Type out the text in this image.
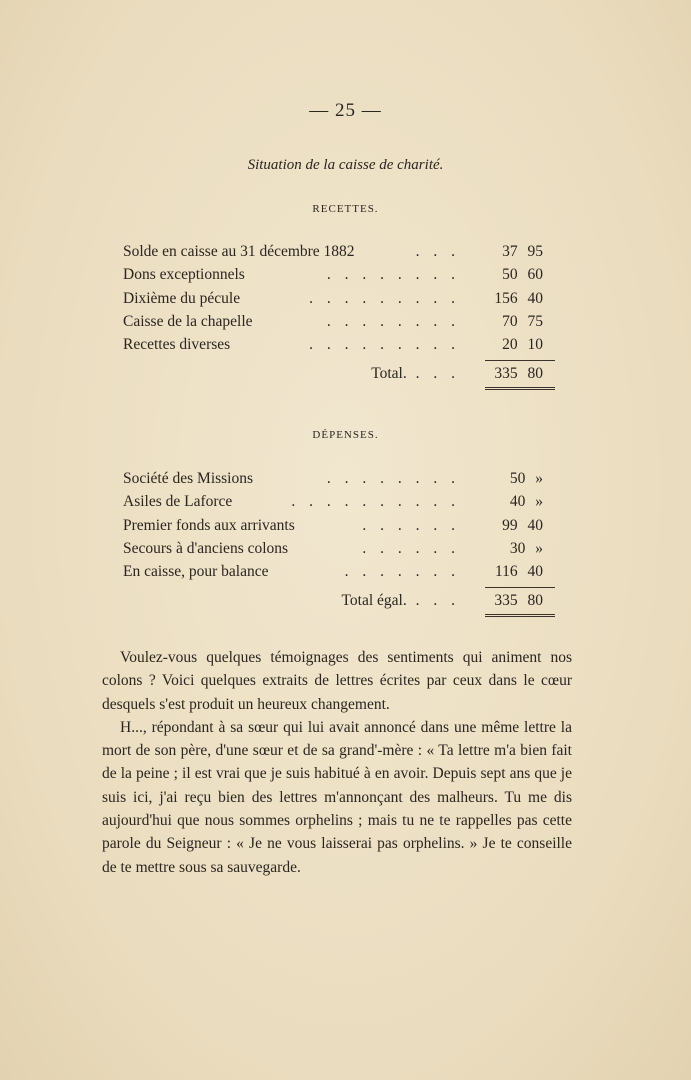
— 25 —
Situation de la caisse de charité.
RECETTES.
Solde en caisse au 31 décembre 1882	. . .	37 95
Dons exceptionnels	. . . . . . . .	50 60
Dixième du pécule	. . . . . . . . .	156 40
Caisse de la chapelle	. . . . . . . .	70 75
Recettes diverses	. . . . . . . . .	20 10
Total. . . .	335 80
DÉPENSES.
Société des Missions	. . . . . . . .	50 »
Asiles de Laforce	. . . . . . . . . .	40 »
Premier fonds aux arrivants	. . . . . .	99 40
Secours à d'anciens colons	. . . . . .	30 »
En caisse, pour balance	. . . . . . .	116 40
Total égal. . . .	335 80

Voulez-vous quelques témoignages des sentiments qui animent nos colons ? Voici quelques extraits de lettres écrites par ceux dans le cœur desquels s'est produit un heureux changement.

H..., répondant à sa sœur qui lui avait annoncé dans une même lettre la mort de son père, d'une sœur et de sa grand'-mère : « Ta lettre m'a bien fait de la peine ; il est vrai que je suis habitué à en avoir. Depuis sept ans que je suis ici, j'ai reçu bien des lettres m'annonçant des malheurs. Tu me dis aujourd'hui que nous sommes orphelins ; mais tu ne te rappelles pas cette parole du Seigneur : « Je ne vous laisserai pas orphelins. » Je te conseille de te mettre sous sa sauvegarde.
